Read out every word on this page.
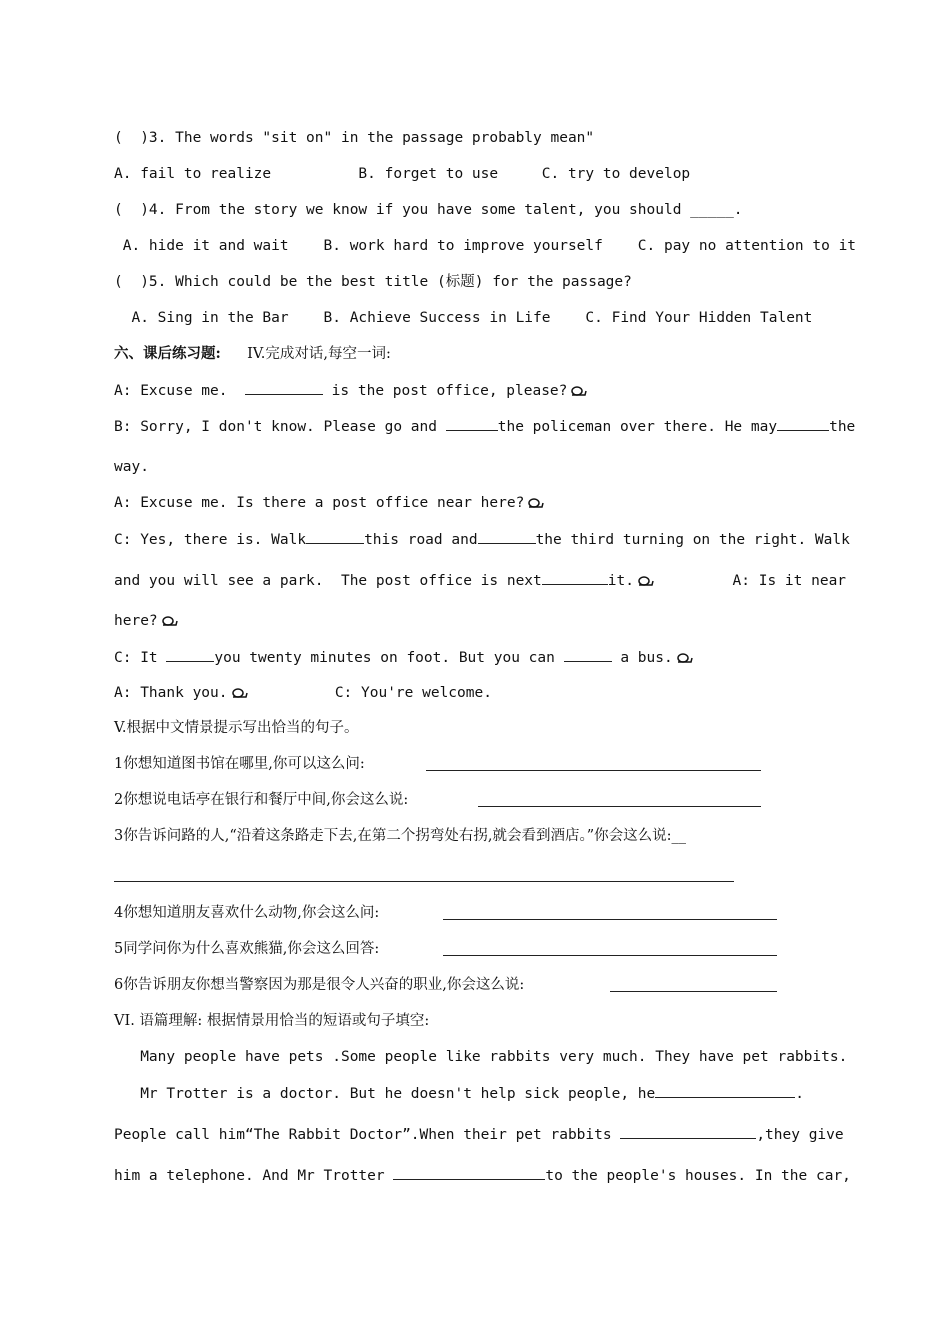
(  )3. The words "sit on" in the passage probably mean"
A. fail to realize          B. forget to use     C. try to develop
(  )4. From the story we know if you have some talent, you should _____.
A. hide it and wait    B. work hard to improve yourself    C. pay no attention to it
(  )5. Which could be the best title (标题) for the passage?
A. Sing in the Bar    B. Achieve Success in Life    C. Find Your Hidden Talent
六、课后练习题: IV.完成对话,每空一词:
A: Excuse me.	is the post office, please?
B: Sorry, I don't know. Please go and	the policeman over there. He may	the
way.
A: Excuse me. Is there a post office near here?
C: Yes, there is. Walk	this road and	the third turning on the right. Walk
and you will see a park.  The post office is next	it.	A: Is it near
here?
C: It	you twenty minutes on foot. But you can	a bus.
A: Thank you.	C: You're welcome.
V.根据中文情景提示写出恰当的句子。
1你想知道图书馆在哪里,你可以这么问:
2你想说电话亭在银行和餐厅中间,你会这么说:
3你告诉问路的人,“沿着这条路走下去,在第二个拐弯处右拐,就会看到酒店。”你会这么说:__
4你想知道朋友喜欢什么动物,你会这么问:
5同学问你为什么喜欢熊猫,你会这么回答:
6你告诉朋友你想当警察因为那是很令人兴奋的职业,你会这么说:
VI. 语篇理解: 根据情景用恰当的短语或句子填空:
Many people have pets .Some people like rabbits very much. They have pet rabbits.
Mr Trotter is a doctor. But he doesn't help sick people, he	.
People call him“The Rabbit Doctor”.When their pet rabbits	,they give
him a telephone. And Mr Trotter	to the people's houses. In the car,
